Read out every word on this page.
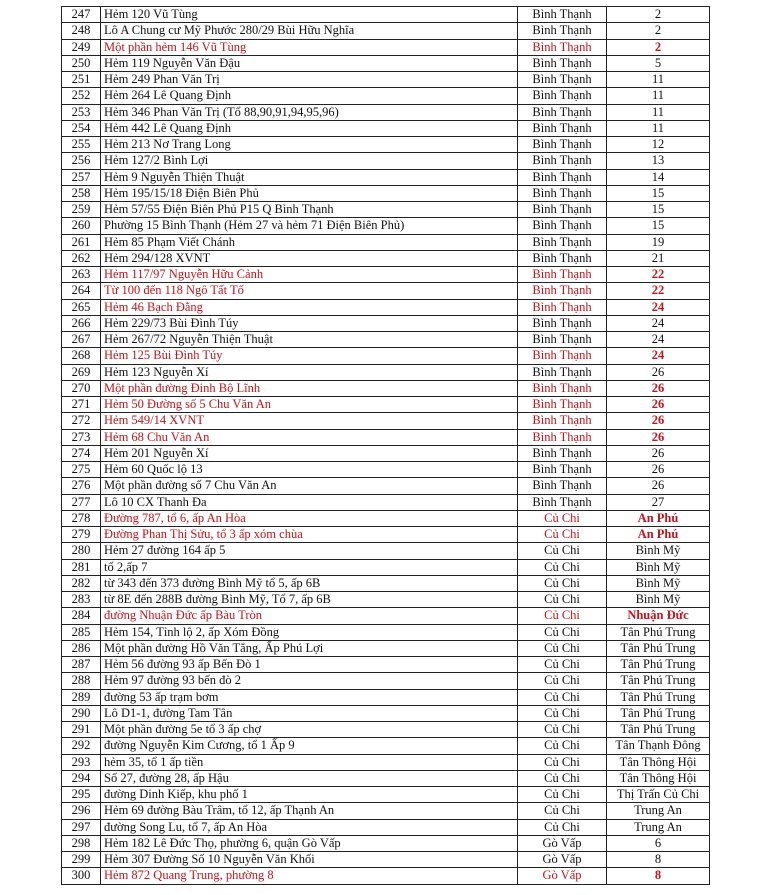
247	Hẻm 120 Vũ Tùng	Bình Thạnh	2
248	Lô A Chung cư Mỹ Phước 280/29 Bùi Hữu Nghĩa	Bình Thạnh	2
249	Một phần hẻm 146 Vũ Tùng	Bình Thạnh	2
250	Hẻm 119 Nguyễn Văn Đậu	Bình Thạnh	5
251	Hẻm 249 Phan Văn Trị	Bình Thạnh	11
252	Hẻm 264 Lê Quang Định	Bình Thạnh	11
253	Hẻm 346 Phan Văn Trị (Tổ 88,90,91,94,95,96)	Bình Thạnh	11
254	Hẻm 442 Lê Quang Định	Bình Thạnh	11
255	Hẻm 213 Nơ Trang Long	Bình Thạnh	12
256	Hẻm 127/2 Bình Lợi	Bình Thạnh	13
257	Hẻm 9 Nguyễn Thiện Thuật	Bình Thạnh	14
258	Hẻm 195/15/18 Điện Biên Phủ	Bình Thạnh	15
259	Hẻm 57/55 Điện Biên Phủ P15 Q Bình Thạnh	Bình Thạnh	15
260	Phường 15 Bình Thạnh (Hẻm 27 và hẻm 71 Điện Biên Phủ)	Bình Thạnh	15
261	Hẻm 85 Phạm Viết Chánh	Bình Thạnh	19
262	Hẻm 294/128 XVNT	Bình Thạnh	21
263	Hẻm 117/97 Nguyễn Hữu Cảnh	Bình Thạnh	22
264	Từ 100 đến 118 Ngô Tất Tố	Bình Thạnh	22
265	Hẻm 46 Bạch Đằng	Bình Thạnh	24
266	Hẻm 229/73 Bùi Đình Túy	Bình Thạnh	24
267	Hẻm 267/72 Nguyễn Thiện Thuật	Bình Thạnh	24
268	Hẻm 125 Bùi Đình Túy	Bình Thạnh	24
269	Hẻm 123 Nguyễn Xí	Bình Thạnh	26
270	Một phần đường Đinh Bộ Lĩnh	Bình Thạnh	26
271	Hẻm 50 Đường số 5 Chu Văn An	Bình Thạnh	26
272	Hẻm 549/14 XVNT	Bình Thạnh	26
273	Hẻm 68 Chu Văn An	Bình Thạnh	26
274	Hẻm 201 Nguyễn Xí	Bình Thạnh	26
275	Hẻm 60 Quốc lộ 13	Bình Thạnh	26
276	Một phần đường số 7 Chu Văn An	Bình Thạnh	26
277	Lô 10 CX Thanh Đa	Bình Thạnh	27
278	Đường 787, tổ 6, ấp An Hòa	Củ Chi	An Phú
279	Đường Phan Thị Sửu, tổ 3 ấp xóm chùa	Củ Chi	An Phú
280	Hẻm 27 đường 164 ấp 5	Củ Chi	Bình Mỹ
281	tổ 2,ấp 7	Củ Chi	Bình Mỹ
282	từ 343 đến 373 đường Bình Mỹ tổ 5, ấp 6B	Củ Chi	Bình Mỹ
283	từ 8E đến 288B đường Bình Mỹ, Tổ 7, ấp 6B	Củ Chi	Bình Mỹ
284	đường Nhuận Đức ấp Bàu Tròn	Củ Chi	Nhuận Đức
285	Hẻm 154, Tỉnh lộ 2, ấp Xóm Đồng	Củ Chi	Tân Phú Trung
286	Một phần đường Hồ Văn Tắng, Ấp Phú Lợi	Củ Chi	Tân Phú Trung
287	Hẻm 56 đường 93 ấp Bến Đò 1	Củ Chi	Tân Phú Trung
288	Hẻm 97 đường 93 bến đò 2	Củ Chi	Tân Phú Trung
289	đường 53 ấp trạm bơm	Củ Chi	Tân Phú Trung
290	Lô D1-1, đường Tam Tân	Củ Chi	Tân Phú Trung
291	Một phần đường 5e tổ 3 ấp chợ	Củ Chi	Tân Phú Trung
292	đường Nguyễn Kim Cương, tổ 1 Ấp 9	Củ Chi	Tân Thạnh Đông
293	hẻm 35, tổ 1 ấp tiền	Củ Chi	Tân Thông Hội
294	Số 27, đường 28, ấp Hậu	Củ Chi	Tân Thông Hội
295	đường Dinh Kiếp, khu phố 1	Củ Chi	Thị Trấn Củ Chi
296	Hẻm 69 đường Bàu Trâm, tổ 12, ấp Thạnh An	Củ Chi	Trung An
297	đường Song Lu, tổ 7, ấp An Hòa	Củ Chi	Trung An
298	Hẻm 182 Lê Đức Thọ, phường 6, quận Gò Vấp	Gò Vấp	6
299	Hẻm 307 Đường Số 10 Nguyễn Văn Khối	Gò Vấp	8
300	Hẻm 872 Quang Trung, phường 8	Gò Vấp	8
